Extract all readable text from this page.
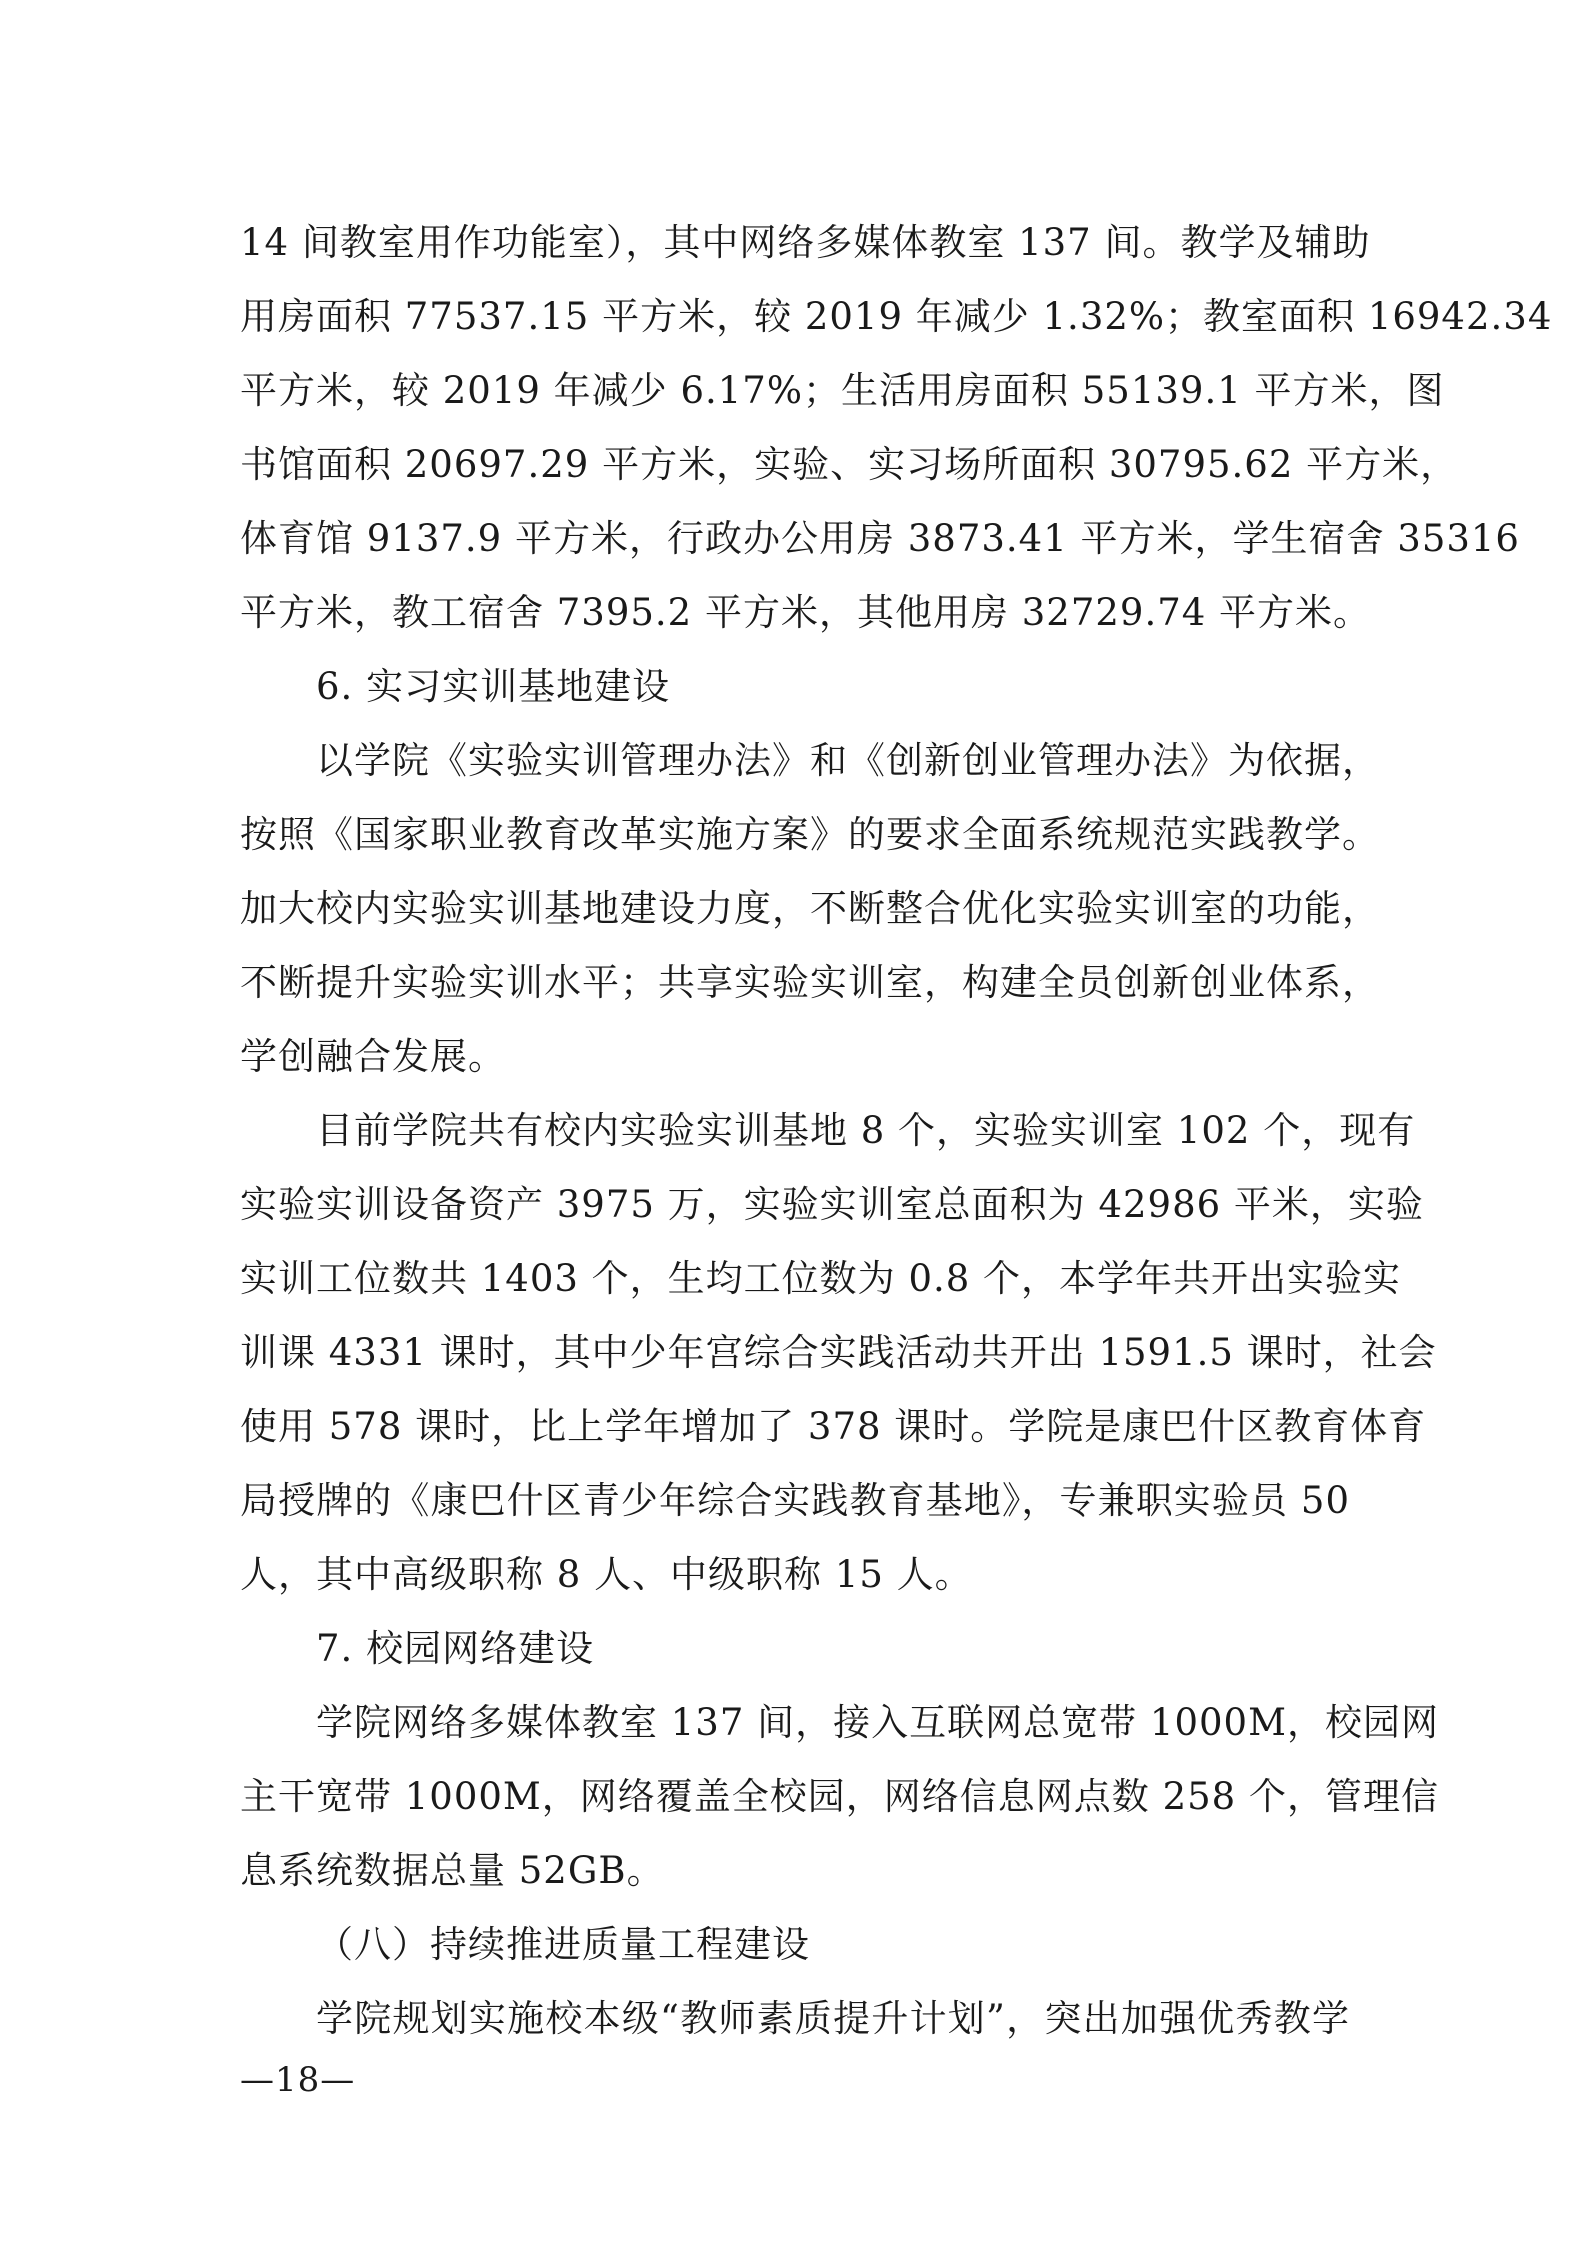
14 间教室用作功能室），其中网络多媒体教室 137 间。教学及辅助
用房面积 77537.15 平方米，较 2019 年减少 1.32%；教室面积 16942.34
平方米，较 2019 年减少 6.17%；生活用房面积 55139.1 平方米，图
书馆面积 20697.29 平方米，实验、实习场所面积 30795.62 平方米，
体育馆 9137.9 平方米，行政办公用房 3873.41 平方米，学生宿舍 35316
平方米，教工宿舍 7395.2 平方米，其他用房 32729.74 平方米。
6. 实习实训基地建设
以学院《实验实训管理办法》和《创新创业管理办法》为依据，
按照《国家职业教育改革实施方案》的要求全面系统规范实践教学。
加大校内实验实训基地建设力度，不断整合优化实验实训室的功能，
不断提升实验实训水平；共享实验实训室，构建全员创新创业体系，
学创融合发展。
目前学院共有校内实验实训基地 8 个，实验实训室 102 个，现有
实验实训设备资产 3975 万，实验实训室总面积为 42986 平米，实验
实训工位数共 1403 个，生均工位数为 0.8 个，本学年共开出实验实
训课 4331 课时，其中少年宫综合实践活动共开出 1591.5 课时，社会
使用 578 课时，比上学年增加了 378 课时。学院是康巴什区教育体育
局授牌的《康巴什区青少年综合实践教育基地》，专兼职实验员 50
人，其中高级职称 8 人、中级职称 15 人。
7. 校园网络建设
学院网络多媒体教室 137 间，接入互联网总宽带 1000M，校园网
主干宽带 1000M，网络覆盖全校园，网络信息网点数 258 个，管理信
息系统数据总量 52GB。
（八）持续推进质量工程建设
学院规划实施校本级“教师素质提升计划”，突出加强优秀教学
—18—
